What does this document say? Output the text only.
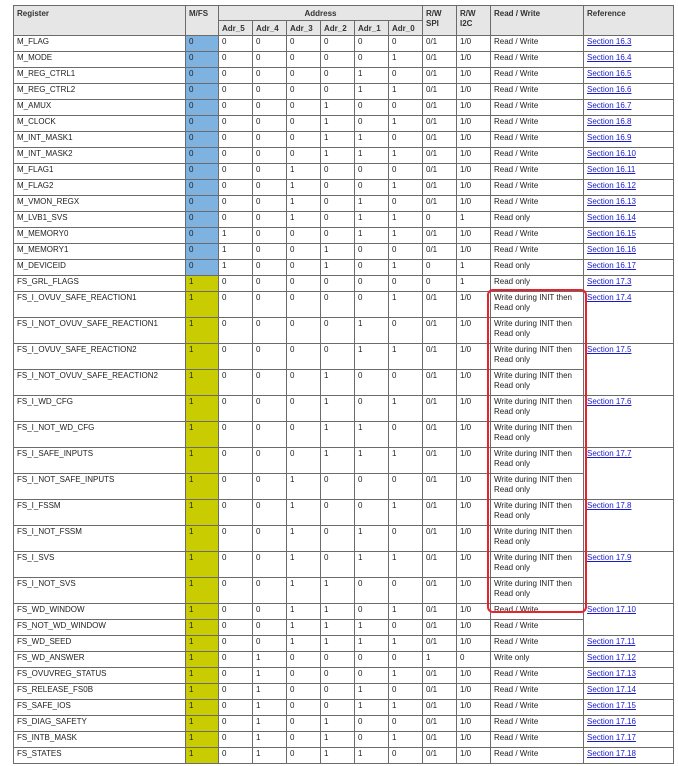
Register	M/FS	Address						R/W SPI	R/W I2C	Read / Write	Reference
		Adr_5	Adr_4	Adr_3	Adr_2	Adr_1	Adr_0				
M_FLAG	0	0	0	0	0	0	0	0/1	1/0	Read / Write	Section 16.3
M_MODE	0	0	0	0	0	0	1	0/1	1/0	Read / Write	Section 16.4
M_REG_CTRL1	0	0	0	0	0	1	0	0/1	1/0	Read / Write	Section 16.5
M_REG_CTRL2	0	0	0	0	0	1	1	0/1	1/0	Read / Write	Section 16.6
M_AMUX	0	0	0	0	1	0	0	0/1	1/0	Read / Write	Section 16.7
M_CLOCK	0	0	0	0	1	0	1	0/1	1/0	Read / Write	Section 16.8
M_INT_MASK1	0	0	0	0	1	1	0	0/1	1/0	Read / Write	Section 16.9
M_INT_MASK2	0	0	0	0	1	1	1	0/1	1/0	Read / Write	Section 16.10
M_FLAG1	0	0	0	1	0	0	0	0/1	1/0	Read / Write	Section 16.11
M_FLAG2	0	0	0	1	0	0	1	0/1	1/0	Read / Write	Section 16.12
M_VMON_REGX	0	0	0	1	0	1	0	0/1	1/0	Read / Write	Section 16.13
M_LVB1_SVS	0	0	0	1	0	1	1	0	1	Read only	Section 16.14
M_MEMORY0	0	1	0	0	0	1	1	0/1	1/0	Read / Write	Section 16.15
M_MEMORY1	0	1	0	0	1	0	0	0/1	1/0	Read / Write	Section 16.16
M_DEVICEID	0	1	0	0	1	0	1	0	1	Read only	Section 16.17
FS_GRL_FLAGS	1	0	0	0	0	0	0	0	1	Read only	Section 17.3
FS_I_OVUV_SAFE_REACTION1	1	0	0	0	0	0	1	0/1	1/0	Write during INIT then Read only	Section 17.4
FS_I_NOT_OVUV_SAFE_REACTION1	1	0	0	0	0	1	0	0/1	1/0	Write during INIT then Read only	
FS_I_OVUV_SAFE_REACTION2	1	0	0	0	0	1	1	0/1	1/0	Write during INIT then Read only	Section 17.5
FS_I_NOT_OVUV_SAFE_REACTION2	1	0	0	0	1	0	0	0/1	1/0	Write during INIT then Read only	
FS_I_WD_CFG	1	0	0	0	1	0	1	0/1	1/0	Write during INIT then Read only	Section 17.6
FS_I_NOT_WD_CFG	1	0	0	0	1	1	0	0/1	1/0	Write during INIT then Read only	
FS_I_SAFE_INPUTS	1	0	0	0	1	1	1	0/1	1/0	Write during INIT then Read only	Section 17.7
FS_I_NOT_SAFE_INPUTS	1	0	0	1	0	0	0	0/1	1/0	Write during INIT then Read only	
FS_I_FSSM	1	0	0	1	0	0	1	0/1	1/0	Write during INIT then Read only	Section 17.8
FS_I_NOT_FSSM	1	0	0	1	0	1	0	0/1	1/0	Write during INIT then Read only	
FS_I_SVS	1	0	0	1	0	1	1	0/1	1/0	Write during INIT then Read only	Section 17.9
FS_I_NOT_SVS	1	0	0	1	1	0	0	0/1	1/0	Write during INIT then Read only	
FS_WD_WINDOW	1	0	0	1	1	0	1	0/1	1/0	Read / Write	Section 17.10
FS_NOT_WD_WINDOW	1	0	0	1	1	1	0	0/1	1/0	Read / Write	
FS_WD_SEED	1	0	0	1	1	1	1	0/1	1/0	Read / Write	Section 17.11
FS_WD_ANSWER	1	0	1	0	0	0	0	1	0	Write only	Section 17.12
FS_OVUVREG_STATUS	1	0	1	0	0	0	1	0/1	1/0	Read / Write	Section 17.13
FS_RELEASE_FS0B	1	0	1	0	0	1	0	0/1	1/0	Read / Write	Section 17.14
FS_SAFE_IOS	1	0	1	0	0	1	1	0/1	1/0	Read / Write	Section 17.15
FS_DIAG_SAFETY	1	0	1	0	1	0	0	0/1	1/0	Read / Write	Section 17.16
FS_INTB_MASK	1	0	1	0	1	0	1	0/1	1/0	Read / Write	Section 17.17
FS_STATES	1	0	1	0	1	1	0	0/1	1/0	Read / Write	Section 17.18
